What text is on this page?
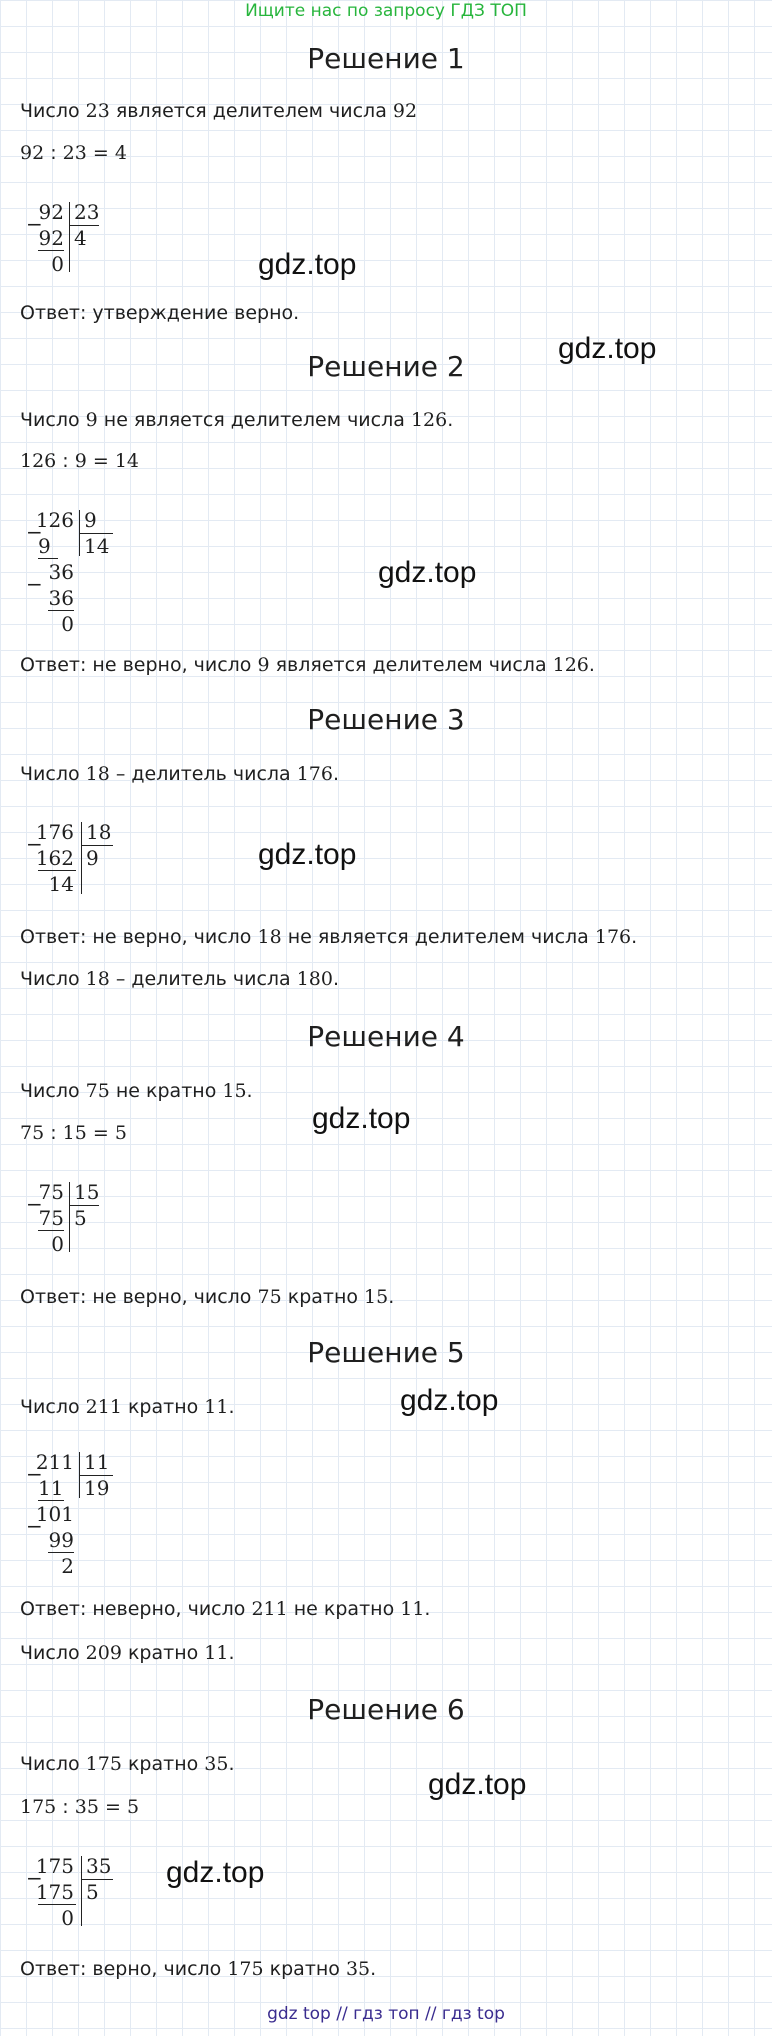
Ищите нас по запросу ГДЗ ТОП
Решение 1
Число 23 является делителем числа 92
92 : 23 = 4
−
92
92
0
23
4
gdz.top
Ответ: утверждение верно.
gdz.top
Решение 2
Число 9 не является делителем числа 126.
126 : 9 = 14
−
126
9
− 36
36
0
9
14
gdz.top
Ответ: не верно, число 9 является делителем числа 126.
Решение 3
Число 18 – делитель числа 176.
−
176
162
14
18
9	gdz.top
Ответ: не верно, число 18 не является делителем числа 176.
Число 18 – делитель числа 180.
Решение 4
Число 75 не кратно 15.
gdz.top
75 : 15 = 5
−
75
75
0
15
5
Ответ: не верно, число 75 кратно 15.
Решение 5
Число 211 кратно 11.	gdz.top
−
211
11
−
101
99
2
11
19
Ответ: неверно, число 211 не кратно 11.
Число 209 кратно 11.
Решение 6
Число 175 кратно 35.
gdz.top
175 : 35 = 5
−
175
175
0
35
5
gdz.top
Ответ: верно, число 175 кратно 35.
gdz top // гдз топ // гдз top
